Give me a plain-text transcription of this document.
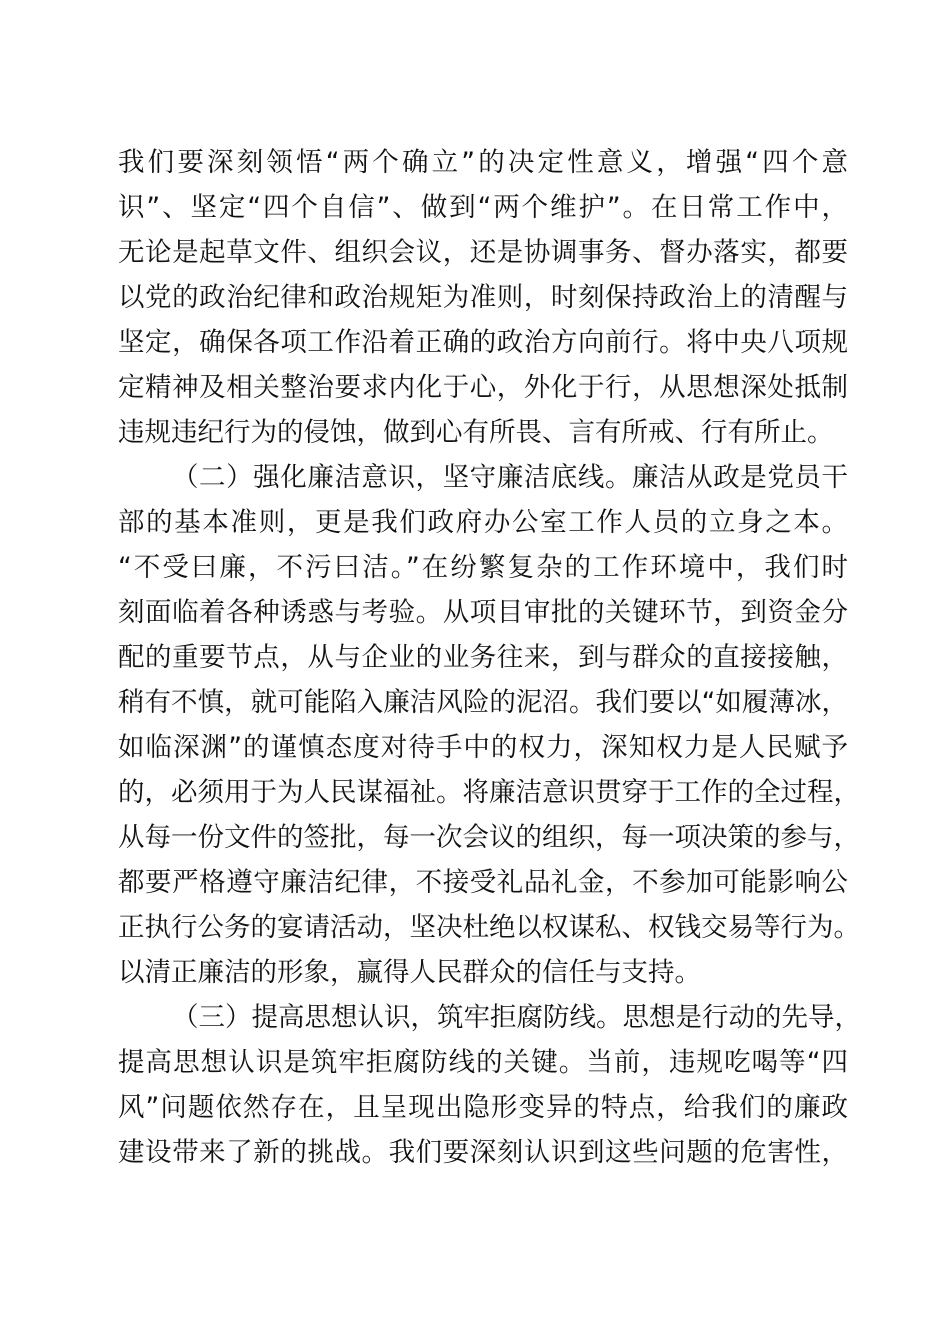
我们要深刻领悟“两个确立”的决定性意义，增强“四个意
识”、坚定“四个自信”、做到“两个维护”。在日常工作中，
无论是起草文件、组织会议，还是协调事务、督办落实，都要
以党的政治纪律和政治规矩为准则，时刻保持政治上的清醒与
坚定，确保各项工作沿着正确的政治方向前行。将中央八项规
定精神及相关整治要求内化于心，外化于行，从思想深处抵制
违规违纪行为的侵蚀，做到心有所畏、言有所戒、行有所止。
（二）强化廉洁意识，坚守廉洁底线。廉洁从政是党员干
部的基本准则，更是我们政府办公室工作人员的立身之本。
“不受曰廉，不污曰洁。”在纷繁复杂的工作环境中，我们时
刻面临着各种诱惑与考验。从项目审批的关键环节，到资金分
配的重要节点，从与企业的业务往来，到与群众的直接接触，
稍有不慎，就可能陷入廉洁风险的泥沼。我们要以“如履薄冰，
如临深渊”的谨慎态度对待手中的权力，深知权力是人民赋予
的，必须用于为人民谋福祉。将廉洁意识贯穿于工作的全过程，
从每一份文件的签批，每一次会议的组织，每一项决策的参与，
都要严格遵守廉洁纪律，不接受礼品礼金，不参加可能影响公
正执行公务的宴请活动，坚决杜绝以权谋私、权钱交易等行为。
以清正廉洁的形象，赢得人民群众的信任与支持。
（三）提高思想认识，筑牢拒腐防线。思想是行动的先导，
提高思想认识是筑牢拒腐防线的关键。当前，违规吃喝等“四
风”问题依然存在，且呈现出隐形变异的特点，给我们的廉政
建设带来了新的挑战。我们要深刻认识到这些问题的危害性，
